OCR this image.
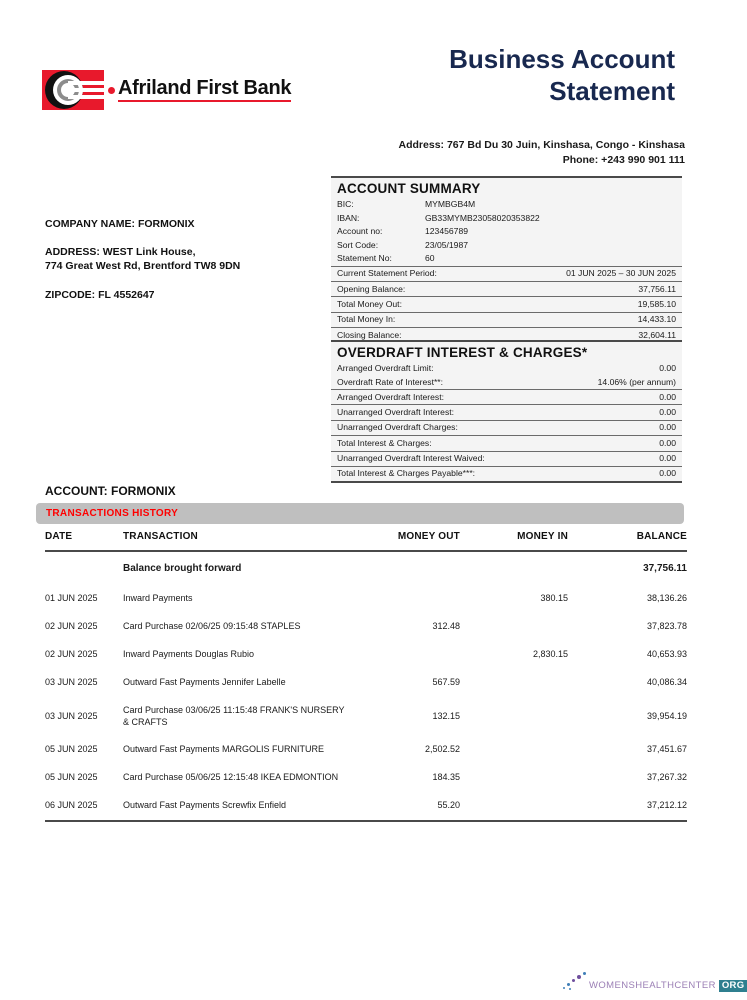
Afriland First Bank
Business Account
Statement
Address: 767 Bd Du 30 Juin, Kinshasa, Congo - Kinshasa
Phone: +243 990 901 111
COMPANY NAME: FORMONIX
ADDRESS: WEST Link House,
774 Great West Rd, Brentford TW8 9DN
ZIPCODE: FL 4552647
ACCOUNT SUMMARY
BIC:	MYMBGB4M
IBAN:	GB33MYMB23058020353822
Account no:	123456789
Sort Code:	23/05/1987
Statement No:	60
Current Statement Period:	01 JUN 2025 – 30 JUN 2025
Opening Balance:	37,756.11
Total Money Out:	19,585.10
Total Money In:	14,433.10
Closing Balance:	32,604.11
OVERDRAFT INTEREST & CHARGES*
Arranged Overdraft Limit:	0.00
Overdraft Rate of Interest**:	14.06% (per annum)
Arranged Overdraft Interest:	0.00
Unarranged Overdraft Interest:	0.00
Unarranged Overdraft Charges:	0.00
Total Interest & Charges:	0.00
Unarranged Overdraft Interest Waived:	0.00
Total Interest & Charges Payable***:	0.00
ACCOUNT: FORMONIX
TRANSACTIONS HISTORY
DATE	TRANSACTION	MONEY OUT	MONEY IN	BALANCE
	Balance brought forward			37,756.11
01 JUN 2025	Inward Payments		380.15	38,136.26
02 JUN 2025	Card Purchase 02/06/25 09:15:48 STAPLES	312.48		37,823.78
02 JUN 2025	Inward Payments Douglas Rubio		2,830.15	40,653.93
03 JUN 2025	Outward Fast Payments Jennifer Labelle	567.59		40,086.34
03 JUN 2025	Card Purchase 03/06/25 11:15:48 FRANK'S NURSERY & CRAFTS	132.15		39,954.19
05 JUN 2025	Outward Fast Payments MARGOLIS FURNITURE	2,502.52		37,451.67
05 JUN 2025	Card Purchase 05/06/25 12:15:48 IKEA EDMONTION	184.35		37,267.32
06 JUN 2025	Outward Fast Payments Screwfix Enfield	55.20		37,212.12

WOMENSHEALTHCENTER ORG
